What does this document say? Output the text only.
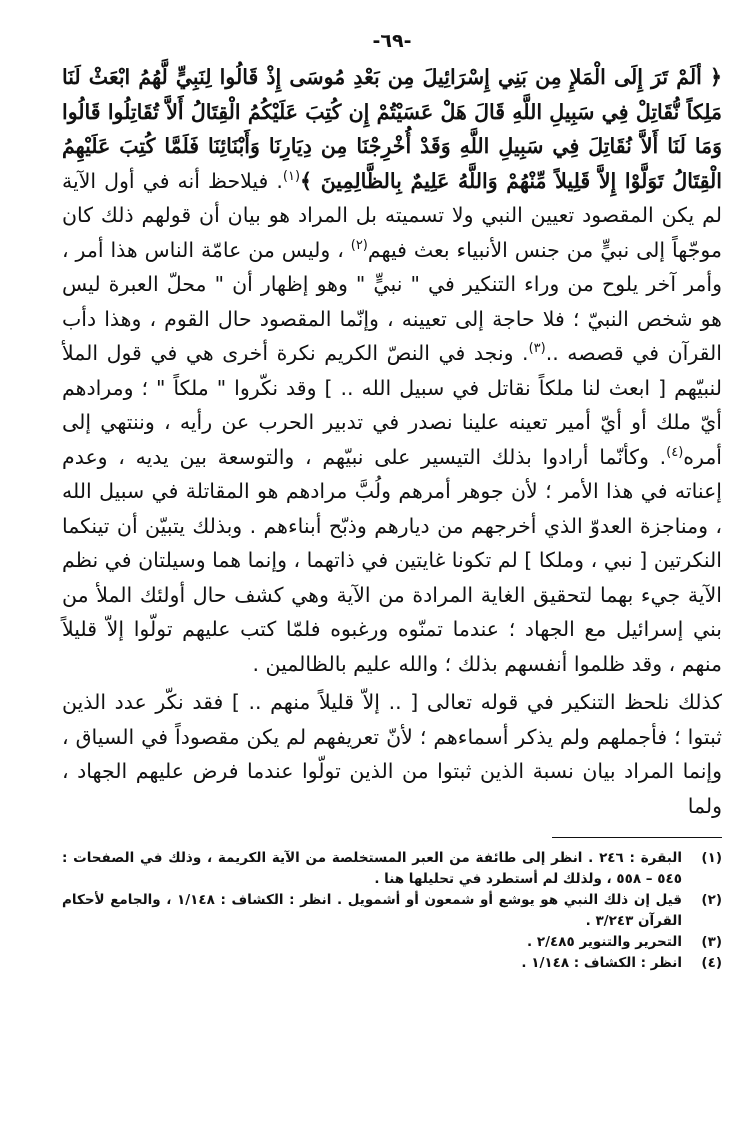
-٦٩-

﴿ ألَمْ تَرَ إِلَى الْمَلإِ مِن بَنِي إِسْرَائِيلَ مِن بَعْدِ مُوسَى إِذْ قَالُوا لِنَبِيٍّ لَّهُمُ ابْعَثْ لَنَا مَلِكاً نُّقَاتِلْ فِي سَبِيلِ اللَّهِ قَالَ هَلْ عَسَيْتُمْ إِن كُتِبَ عَلَيْكُمُ الْقِتَالُ أَلاَّ تُقَاتِلُوا قَالُوا وَمَا لَنَا أَلاَّ نُقَاتِلَ فِي سَبِيلِ اللَّهِ وَقَدْ أُخْرِجْنَا مِن دِيَارِنَا وَأَبْنَائِنَا فَلَمَّا كُتِبَ عَلَيْهِمُ الْقِتَالُ تَوَلَّوْا إِلاَّ قَلِيلاً مِّنْهُمْ وَاللَّهُ عَلِيمٌ بِالظَّالِمِينَ ﴾$^{(١)}$. فيلاحظ أنه في أول الآية لم يكن المقصود تعيين النبي ولا تسميته بل المراد هو بيان أن قولهم ذلك كان موجّهاً إلى نبيٍّ من جنس الأنبياء بعث فيهم$^{(٢)}$ ، وليس من عامّة الناس هذا أمر ، وأمر آخر يلوح من وراء التنكير في " نبيٍّ " وهو إظهار أن " محلّ العبرة ليس هو شخص النبيّ ؛ فلا حاجة إلى تعيينه ، وإنّما المقصود حال القوم ، وهذا دأب القرآن في قصصه ..$^{(٣)}$. ونجد في النصّ الكريم نكرة أخرى هي في قول الملأ لنبيّهم [ ابعث لنا ملكاً نقاتل في سبيل الله .. ] وقد نكّروا " ملكاً " ؛ ومرادهم أيّ ملك أو أيّ أمير تعينه علينا نصدر في تدبير الحرب عن رأيه ، وننتهي إلى أمره$^{(٤)}$. وكأنّما أرادوا بذلك التيسير على نبيّهم ، والتوسعة بين يديه ، وعدم إعناته في هذا الأمر ؛ لأن جوهر أمرهم ولُبَّ مرادهم هو المقاتلة في سبيل الله ، ومناجزة العدوّ الذي أخرجهم من ديارهم وذبّح أبناءهم . وبذلك يتبيّن أن تينكما النكرتين [ نبي ، وملكا ] لم تكونا غايتين في ذاتهما ، وإنما هما وسيلتان في نظم الآية جيء بهما لتحقيق الغاية المرادة من الآية وهي كشف حال أولئك الملأ من بني إسرائيل مع الجهاد ؛ عندما تمنّوه ورغبوه فلمّا كتب عليهم تولّوا إلاّ قليلاً منهم ، وقد ظلموا أنفسهم بذلك ؛ والله عليم بالظالمين .

كذلك نلحظ التنكير في قوله تعالى [ .. إلاّ قليلاً منهم .. ] فقد نكّر عدد الذين ثبتوا ؛ فأجملهم ولم يذكر أسماءهم ؛ لأنّ تعريفهم لم يكن مقصوداً في السياق ، وإنما المراد بيان نسبة الذين ثبتوا من الذين تولّوا عندما فرض عليهم الجهاد ، ولما

(١)
البقرة : ٢٤٦ . انظر إلى طائفة من العبر المستخلصة من الآية الكريمة ، وذلك في الصفحات : ٥٤٥ – ٥٥٨ ، ولذلك لم أستطرد في تحليلها هنا .
(٢)
قيل إن ذلك النبي هو يوشع أو شمعون أو أشمويل . انظر : الكشاف : ١/١٤٨ ، والجامع لأحكام القرآن ٣/٢٤٣ .
(٣)
التحرير والتنوير ٢/٤٨٥ .
(٤)
انظر : الكشاف : ١/١٤٨ .
